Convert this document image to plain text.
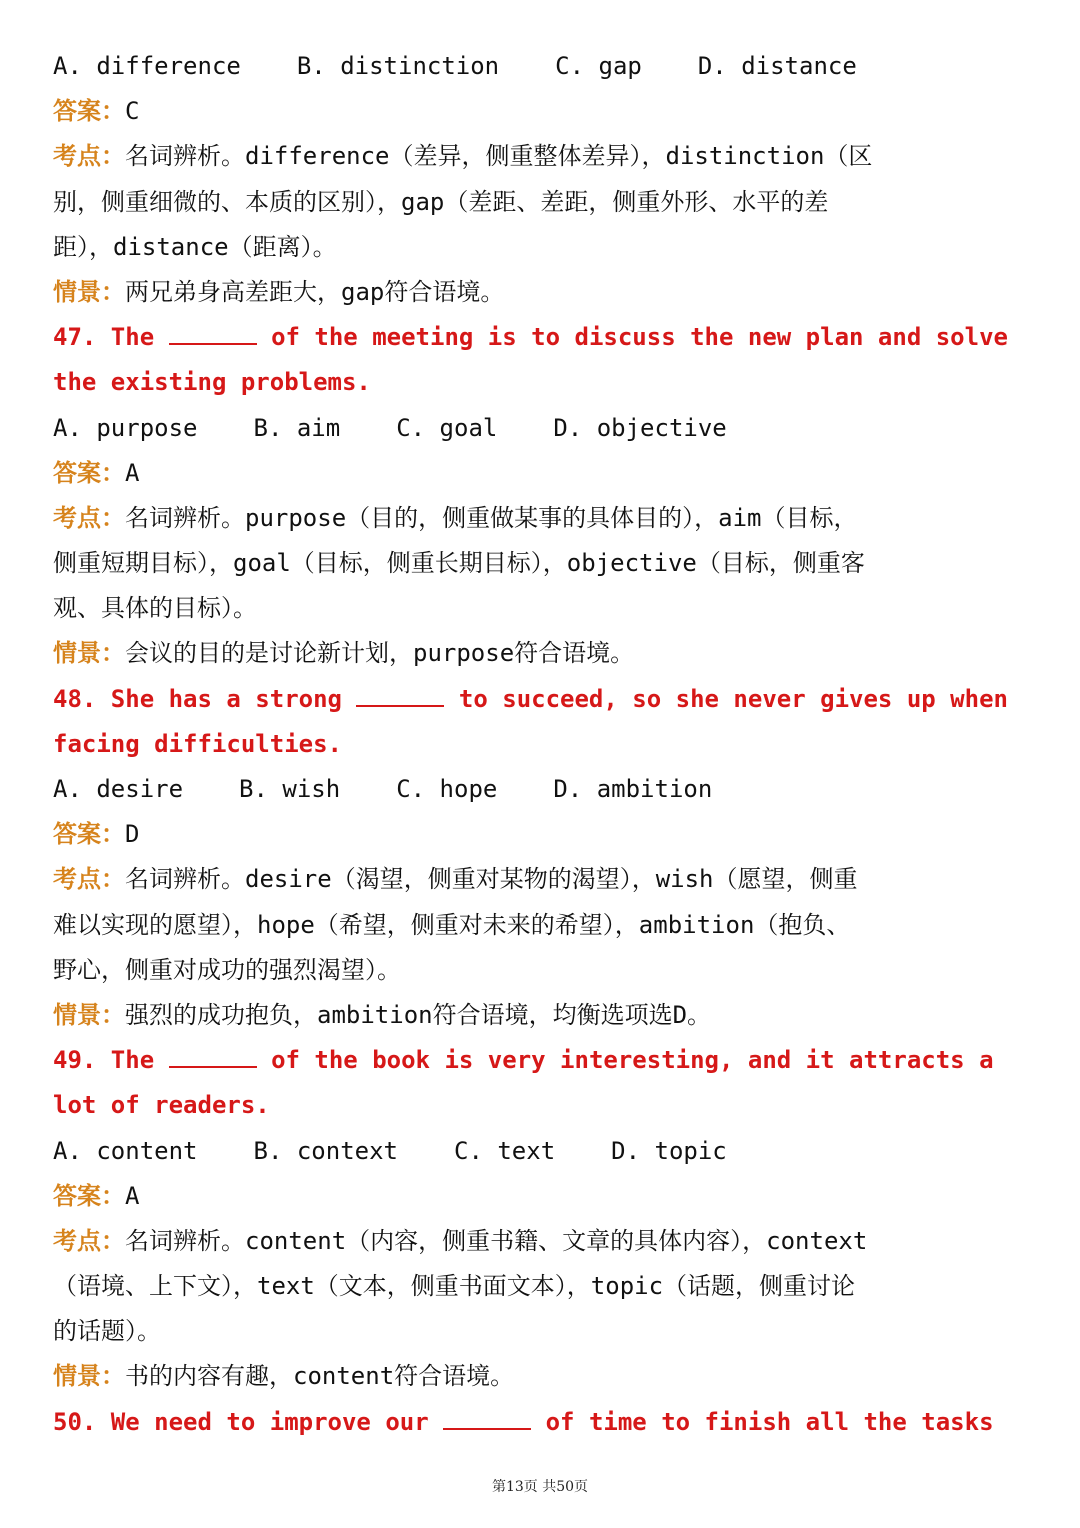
A. difference B. distinction C. gap D. distance
答案：C
考点：名词辨析。difference（差异，侧重整体差异），distinction（区
别，侧重细微的、本质的区别），gap（差距、差距，侧重外形、水平的差
距），distance（距离）。
情景：两兄弟身高差距大，gap符合语境。
47. The	of the meeting is to discuss the new plan and solve
the existing problems.
A. purpose B. aim C. goal D. objective
答案：A
考点：名词辨析。purpose（目的，侧重做某事的具体目的），aim（目标，
侧重短期目标），goal（目标，侧重长期目标），objective（目标，侧重客
观、具体的目标）。
情景：会议的目的是讨论新计划，purpose符合语境。
48. She has a strong	to succeed, so she never gives up when
facing difficulties.
A. desire B. wish C. hope D. ambition
答案：D
考点：名词辨析。desire（渴望，侧重对某物的渴望），wish（愿望，侧重
难以实现的愿望），hope（希望，侧重对未来的希望），ambition（抱负、
野心，侧重对成功的强烈渴望）。
情景：强烈的成功抱负，ambition符合语境，均衡选项选D。
49. The	of the book is very interesting, and it attracts a
lot of readers.
A. content B. context C. text D. topic
答案：A
考点：名词辨析。content（内容，侧重书籍、文章的具体内容），context
（语境、上下文），text（文本，侧重书面文本），topic（话题，侧重讨论
的话题）。
情景：书的内容有趣，content符合语境。
50. We need to improve our	of time to finish all the tasks
第13页 共50页
